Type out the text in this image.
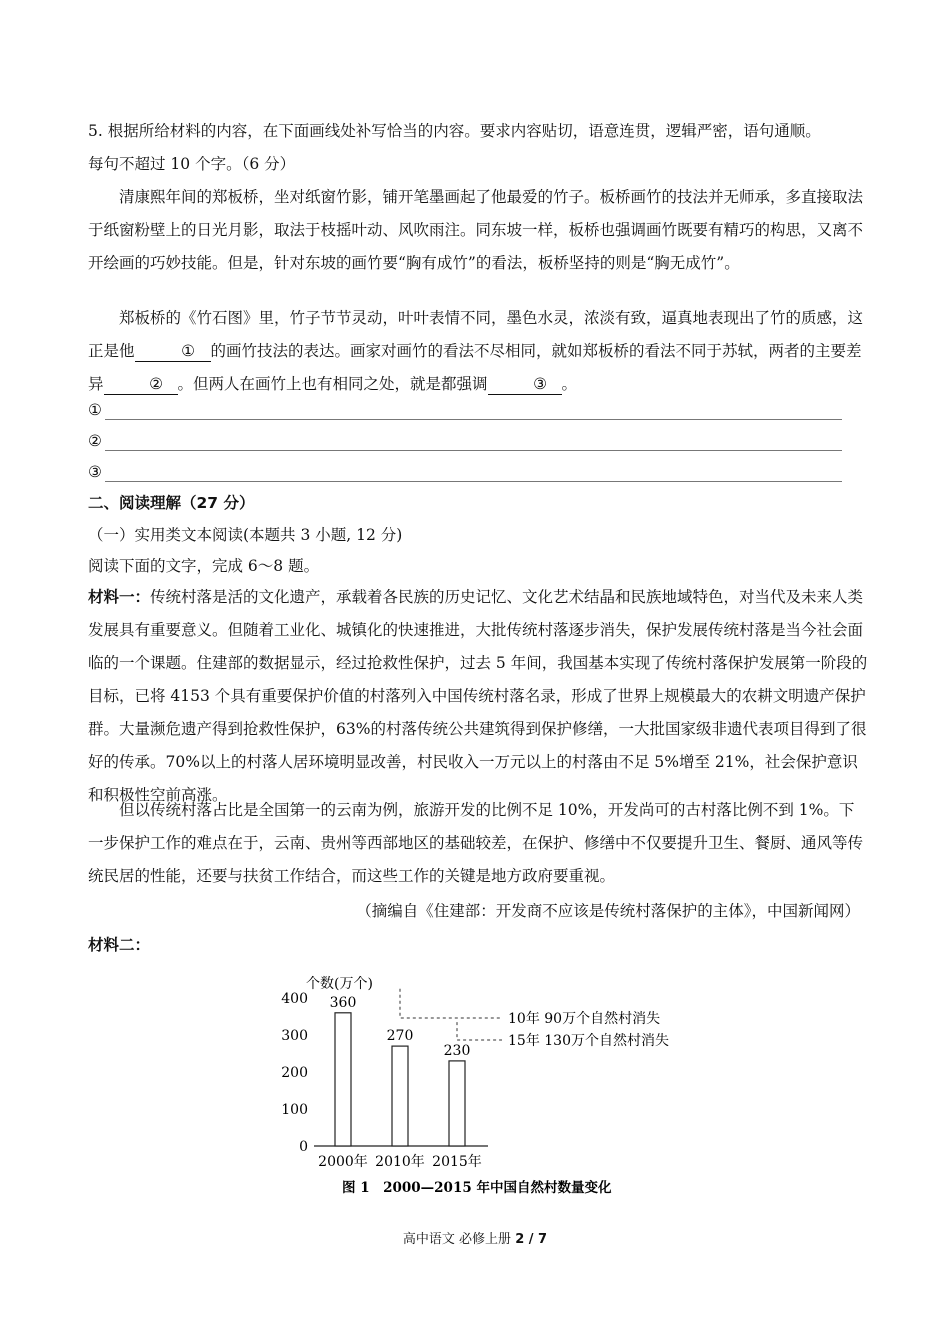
5. 根据所给材料的内容，在下面画线处补写恰当的内容。要求内容贴切，语意连贯，逻辑严密，语句通顺。

每句不超过 10 个字。（6 分）

清康熙年间的郑板桥，坐对纸窗竹影，铺开笔墨画起了他最爱的竹子。板桥画竹的技法并无师承，多直接取法于纸窗粉壁上的日光月影，取法于枝摇叶动、风吹雨注。同东坡一样，板桥也强调画竹既要有精巧的构思，又离不开绘画的巧妙技能。但是，针对东坡的画竹要“胸有成竹”的看法，板桥坚持的则是“胸无成竹”。

郑板桥的《竹石图》里，竹子节节灵动，叶叶表情不同，墨色水灵，浓淡有致，逼真地表现出了竹的质感，这正是他	① 的画竹技法的表达。画家对画竹的看法不尽相同，就如郑板桥的看法不同于苏轼，两者的主要差异	② 。但两人在画竹上也有相同之处，就是都强调	③ 。

①
②
③

二、阅读理解（27 分）

（一）实用类文本阅读(本题共 3 小题, 12 分)

阅读下面的文字，完成 6～8 题。

材料一：传统村落是活的文化遗产，承载着各民族的历史记忆、文化艺术结晶和民族地域特色，对当代及未来人类发展具有重要意义。但随着工业化、城镇化的快速推进，大批传统村落逐步消失，保护发展传统村落是当今社会面临的一个课题。住建部的数据显示，经过抢救性保护，过去 5 年间，我国基本实现了传统村落保护发展第一阶段的目标，已将 4153 个具有重要保护价值的村落列入中国传统村落名录，形成了世界上规模最大的农耕文明遗产保护群。大量濒危遗产得到抢救性保护，63%的村落传统公共建筑得到保护修缮，一大批国家级非遗代表项目得到了很好的传承。70%以上的村落人居环境明显改善，村民收入一万元以上的村落由不足 5%增至 21%，社会保护意识和积极性空前高涨。

但以传统村落占比是全国第一的云南为例，旅游开发的比例不足 10%，开发尚可的古村落比例不到 1%。下一步保护工作的难点在于，云南、贵州等西部地区的基础较差，在保护、修缮中不仅要提升卫生、餐厨、通风等传统民居的性能，还要与扶贫工作结合，而这些工作的关键是地方政府要重视。

（摘编自《住建部：开发商不应该是传统村落保护的主体》，中国新闻网）

材料二：

个数(万个)
0
100
200
300
400 360
2000年
270
2010年
230
2015年
10年 90万个自然村消失
15年 130万个自然村消失
图 1　2000—2015 年中国自然村数量变化
高中语文 必修上册 2 / 7
